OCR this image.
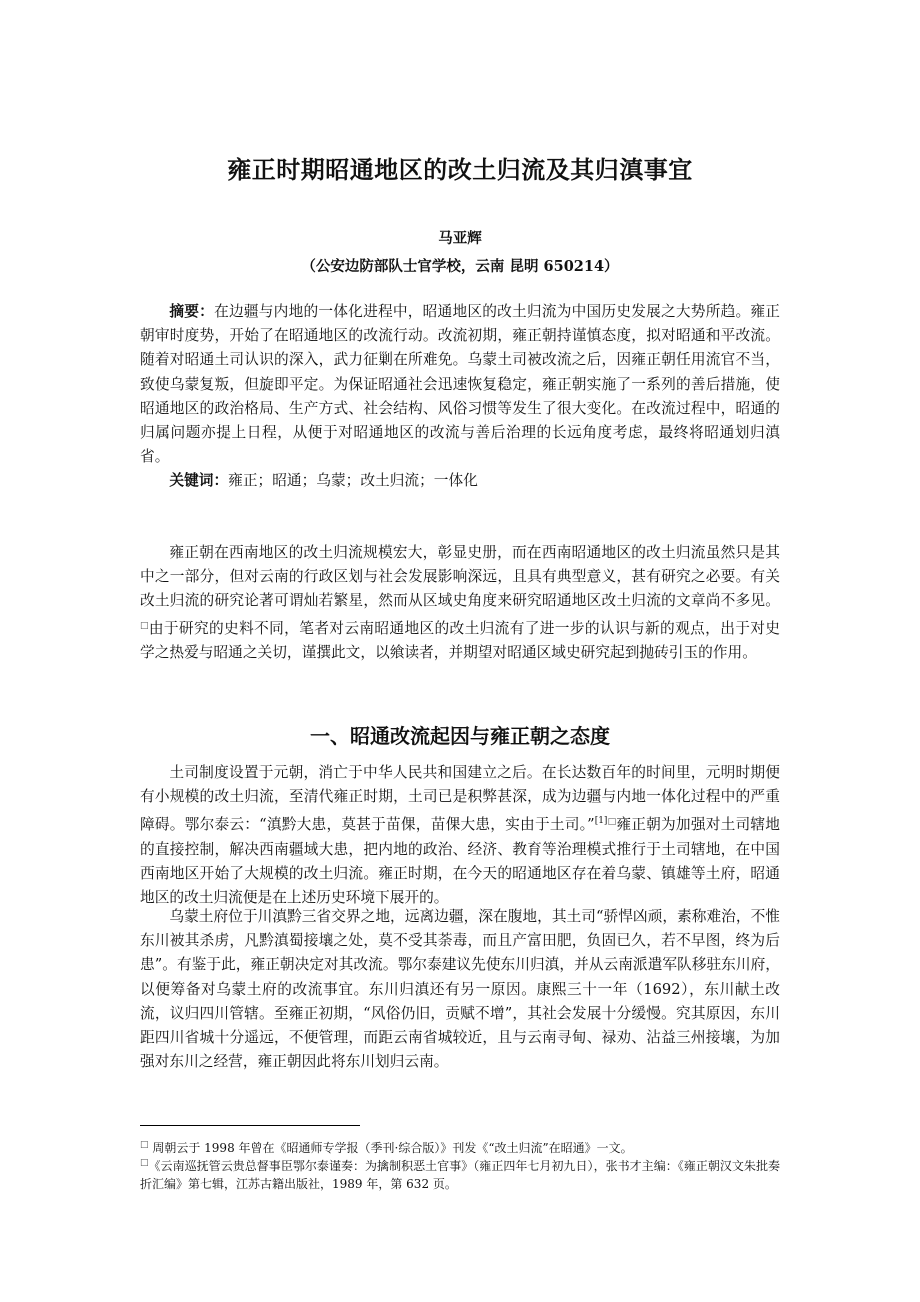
雍正时期昭通地区的改土归流及其归滇事宜
马亚辉
（公安边防部队士官学校，云南 昆明 650214）
摘要：在边疆与内地的一体化进程中，昭通地区的改土归流为中国历史发展之大势所趋。雍正朝审时度势，开始了在昭通地区的改流行动。改流初期，雍正朝持谨慎态度，拟对昭通和平改流。随着对昭通土司认识的深入，武力征剿在所难免。乌蒙土司被改流之后，因雍正朝任用流官不当，致使乌蒙复叛，但旋即平定。为保证昭通社会迅速恢复稳定，雍正朝实施了一系列的善后措施，使昭通地区的政治格局、生产方式、社会结构、风俗习惯等发生了很大变化。在改流过程中，昭通的归属问题亦提上日程，从便于对昭通地区的改流与善后治理的长远角度考虑，最终将昭通划归滇省。
关键词：雍正；昭通；乌蒙；改土归流；一体化
雍正朝在西南地区的改土归流规模宏大，彰显史册，而在西南昭通地区的改土归流虽然只是其中之一部分，但对云南的行政区划与社会发展影响深远，且具有典型意义，甚有研究之必要。有关改土归流的研究论著可谓灿若繁星，然而从区域史角度来研究昭通地区改土归流的文章尚不多见。□由于研究的史料不同，笔者对云南昭通地区的改土归流有了进一步的认识与新的观点，出于对史学之热爱与昭通之关切，谨撰此文，以飨读者，并期望对昭通区域史研究起到抛砖引玉的作用。
一、昭通改流起因与雍正朝之态度
土司制度设置于元朝，消亡于中华人民共和国建立之后。在长达数百年的时间里，元明时期便有小规模的改土归流，至清代雍正时期，土司已是积弊甚深，成为边疆与内地一体化过程中的严重障碍。鄂尔泰云：“滇黔大患，莫甚于苗倮，苗倮大患，实由于土司。”$^{[1]□}$雍正朝为加强对土司辖地的直接控制，解决西南疆域大患，把内地的政治、经济、教育等治理模式推行于土司辖地，在中国西南地区开始了大规模的改土归流。雍正时期，在今天的昭通地区存在着乌蒙、镇雄等土府，昭通地区的改土归流便是在上述历史环境下展开的。
乌蒙土府位于川滇黔三省交界之地，远离边疆，深在腹地，其土司“骄悍凶顽，素称难治，不惟东川被其杀虏，凡黔滇蜀接壤之处，莫不受其荼毒，而且产富田肥，负固已久，若不早图，终为后患”。有鉴于此，雍正朝决定对其改流。鄂尔泰建议先使东川归滇，并从云南派遣军队移驻东川府，以便筹备对乌蒙土府的改流事宜。东川归滇还有另一原因。康熙三十一年（1692），东川献土改流，议归四川管辖。至雍正初期，“风俗仍旧，贡赋不增”，其社会发展十分缓慢。究其原因，东川距四川省城十分遥远，不便管理，而距云南省城较近，且与云南寻甸、禄劝、沾益三州接壤，为加强对东川之经营，雍正朝因此将东川划归云南。
□ 周朝云于 1998 年曾在《昭通师专学报（季刊·综合版）》刊发《“改土归流”在昭通》一文。
□《云南巡抚管云贵总督事臣鄂尔泰谨奏：为擒制积恶土官事》（雍正四年七月初九日），张书才主编：《雍正朝汉文朱批奏折汇编》第七辑，江苏古籍出版社，1989 年，第 632 页。
